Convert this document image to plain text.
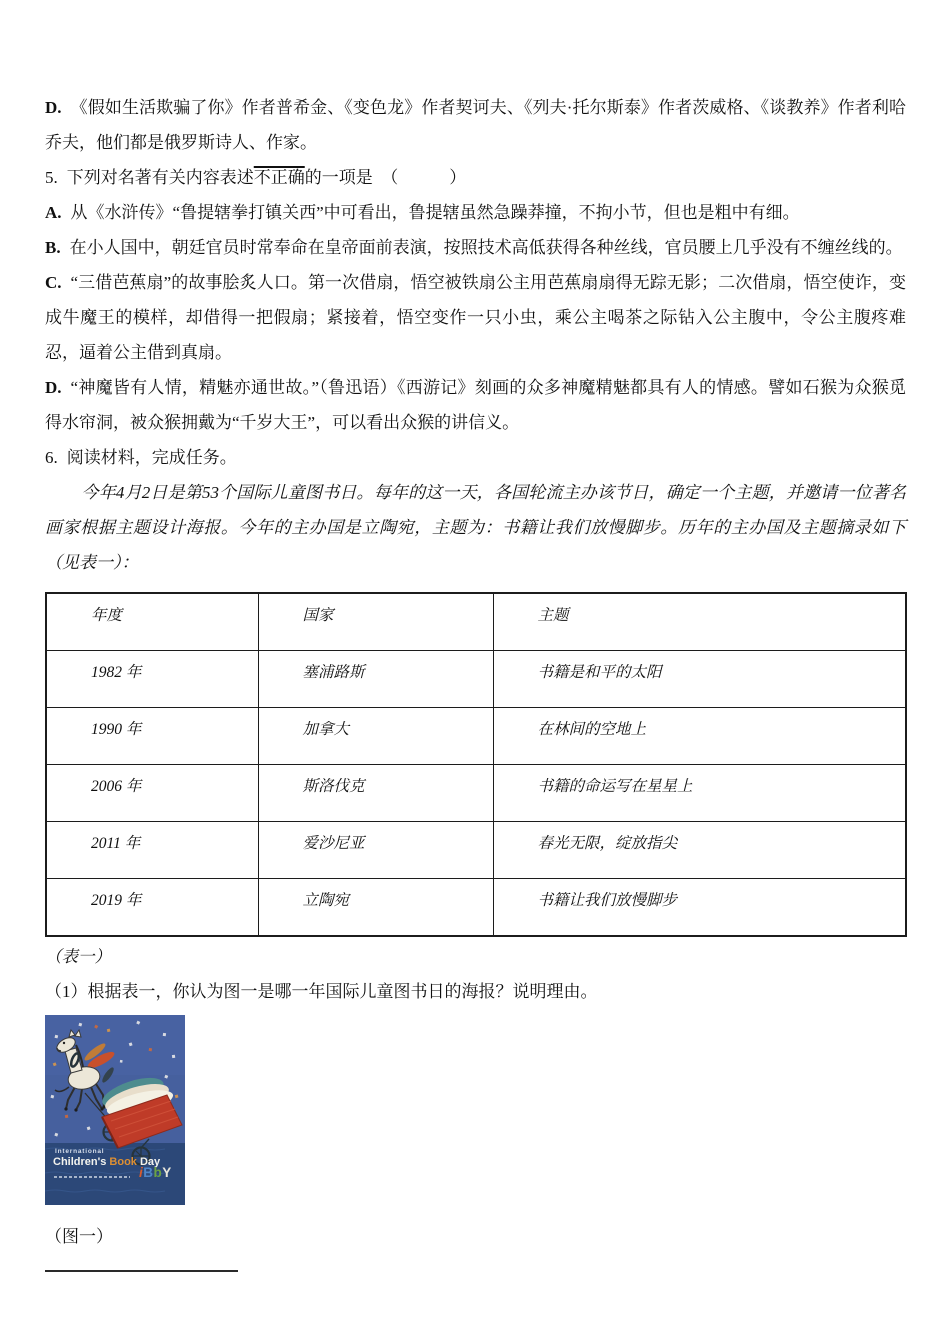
D. 《假如生活欺骗了你》作者普希金、《变色龙》作者契诃夫、《列夫·托尔斯泰》作者茨威格、《谈教养》作者利哈乔夫，他们都是俄罗斯诗人、作家。

5. 下列对名著有关内容表述不正确的一项是　（　　　）

A. 从《水浒传》“鲁提辖拳打镇关西”中可看出，鲁提辖虽然急躁莽撞，不拘小节，但也是粗中有细。

B. 在小人国中，朝廷官员时常奉命在皇帝面前表演，按照技术高低获得各种丝线，官员腰上几乎没有不缠丝线的。

C. “三借芭蕉扇”的故事脍炙人口。第一次借扇，悟空被铁扇公主用芭蕉扇扇得无踪无影；二次借扇，悟空使诈，变成牛魔王的模样，却借得一把假扇；紧接着，悟空变作一只小虫，乘公主喝茶之际钻入公主腹中，令公主腹疼难忍，逼着公主借到真扇。

D. “神魔皆有人情，精魅亦通世故。”（鲁迅语）《西游记》刻画的众多神魔精魅都具有人的情感。譬如石猴为众猴觅得水帘洞，被众猴拥戴为“千岁大王”，可以看出众猴的讲信义。

6. 阅读材料，完成任务。

今年4月2日是第53个国际儿童图书日。每年的这一天，各国轮流主办该节日，确定一个主题，并邀请一位著名画家根据主题设计海报。今年的主办国是立陶宛，主题为：书籍让我们放慢脚步。历年的主办国及主题摘录如下（见表一）：

年度	国家	主题
1982 年	塞浦路斯	书籍是和平的太阳
1990 年	加拿大	在林间的空地上
2006 年	斯洛伐克	书籍的命运写在星星上
2011 年	爱沙尼亚	春光无限，绽放指尖
2019 年	立陶宛	书籍让我们放慢脚步

（表一）

（1）根据表一，你认为图一是哪一年国际儿童图书日的海报？说明理由。

International
Children's Book Day
iBbY

（图一）
